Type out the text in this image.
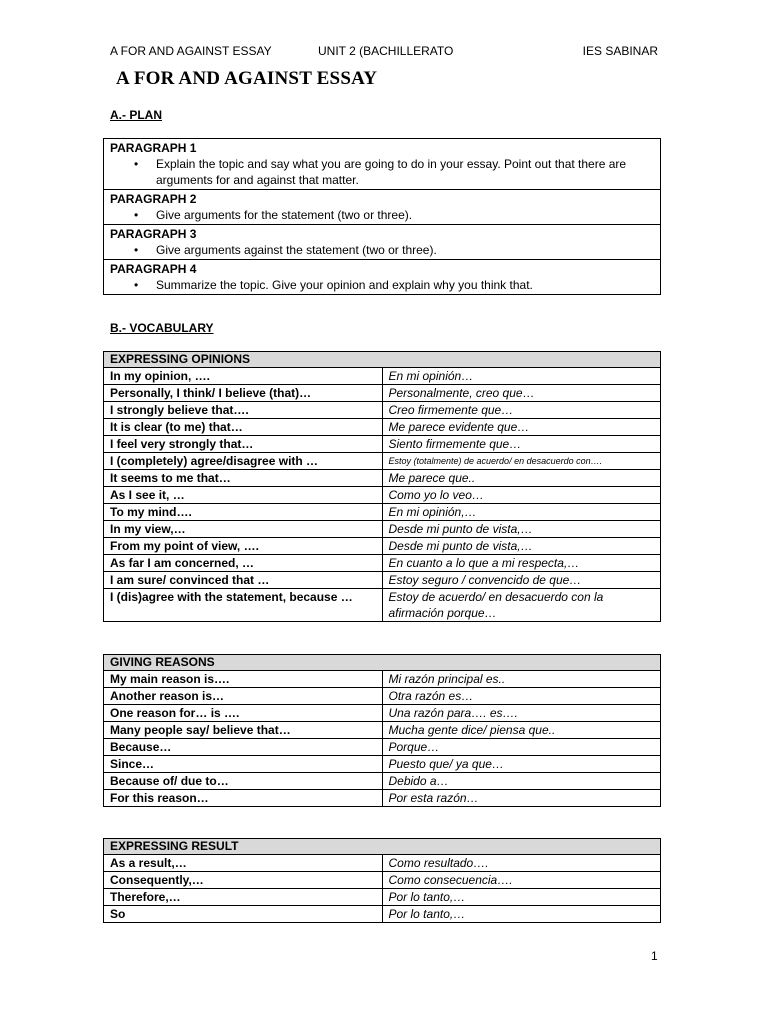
A FOR AND AGAINST ESSAY	UNIT 2 (BACHILLERATO	IES SABINAR
A FOR AND AGAINST ESSAY
A.- PLAN
PARAGRAPH 1
• Explain the topic and say what you are going to do in your essay. Point out that there are arguments for and against that matter.

PARAGRAPH 2
• Give arguments for the statement (two or three).

PARAGRAPH 3
• Give arguments against the statement (two or three).

PARAGRAPH 4
• Summarize the topic. Give your opinion and explain why you think that.
B.- VOCABULARY
EXPRESSING OPINIONS	
In my opinion, ….	En mi opinión…
Personally, I think/ I believe (that)…	Personalmente, creo que…
I strongly believe that….	Creo firmemente que…
It is clear (to me) that…	Me parece evidente que…
I feel very strongly that…	Siento firmemente que…
I (completely) agree/disagree with …	Estoy (totalmente) de acuerdo/ en desacuerdo con….
It seems to me that…	Me parece que..
As I see it, …	Como yo lo veo…
To my mind….	En mi opinión,…
In my view,…	Desde mi punto de vista,…
From my point of view, ….	Desde mi punto de vista,…
As far I am concerned, …	En cuanto a lo que a mi respecta,…
I am sure/ convinced that …	Estoy seguro / convencido de que…
I (dis)agree with the statement, because …	Estoy de acuerdo/ en desacuerdo con la afirmación porque…
GIVING REASONS	
My main reason is….	Mi razón principal es..
Another reason is…	Otra razón es…
One reason for… is ….	Una razón para…. es….
Many people say/ believe that…	Mucha gente dice/ piensa que..
Because…	Porque…
Since…	Puesto que/ ya que…
Because of/ due to…	Debido a…
For this reason…	Por esta razón…
EXPRESSING RESULT	
As a result,…	Como resultado….
Consequently,…	Como consecuencia….
Therefore,…	Por lo tanto,…
So	Por lo tanto,…
1
